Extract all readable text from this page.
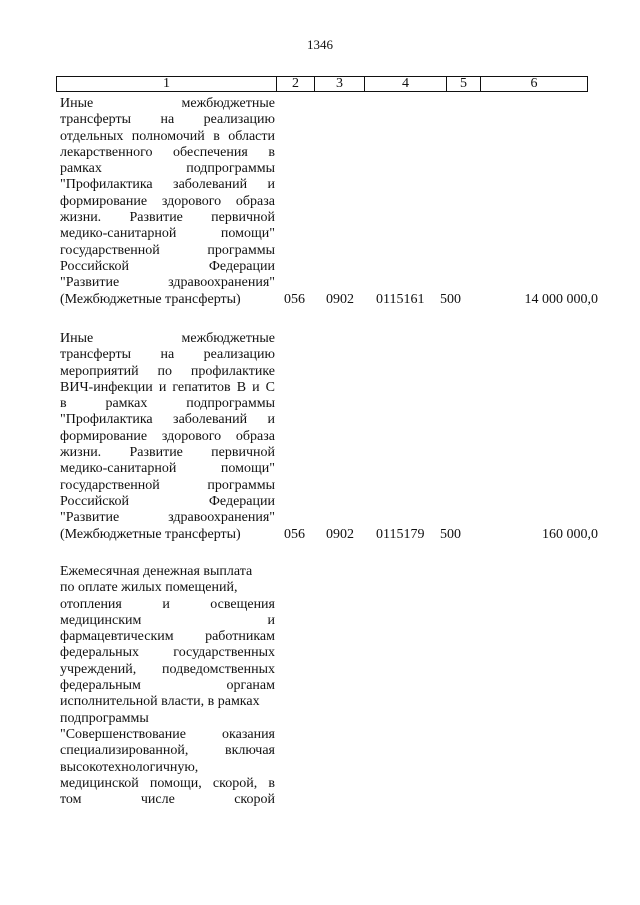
1346
1	2	3	4	5	6
Иные межбюджетные
трансферты на реализацию
отдельных полномочий в области
лекарственного обеспечения в
рамках подпрограммы
"Профилактика заболеваний и
формирование здорового образа
жизни. Развитие первичной
медико-санитарной помощи"
государственной программы
Российской Федерации
"Развитие здравоохранения"
(Межбюджетные трансферты)	056 0902 0115161 500	14 000 000,0
Иные межбюджетные
трансферты на реализацию
мероприятий по профилактике
ВИЧ-инфекции и гепатитов В и С
в рамках подпрограммы
"Профилактика заболеваний и
формирование здорового образа
жизни. Развитие первичной
медико-санитарной помощи"
государственной программы
Российской Федерации
"Развитие здравоохранения"
(Межбюджетные трансферты)	056 0902 0115179 500	160 000,0
Ежемесячная денежная выплата
по оплате жилых помещений,
отопления и освещения
медицинским и
фармацевтическим работникам
федеральных государственных
учреждений, подведомственных
федеральным органам
исполнительной власти, в рамках
подпрограммы
"Совершенствование оказания
специализированной, включая
высокотехнологичную,
медицинской помощи, скорой, в
том числе скорой
